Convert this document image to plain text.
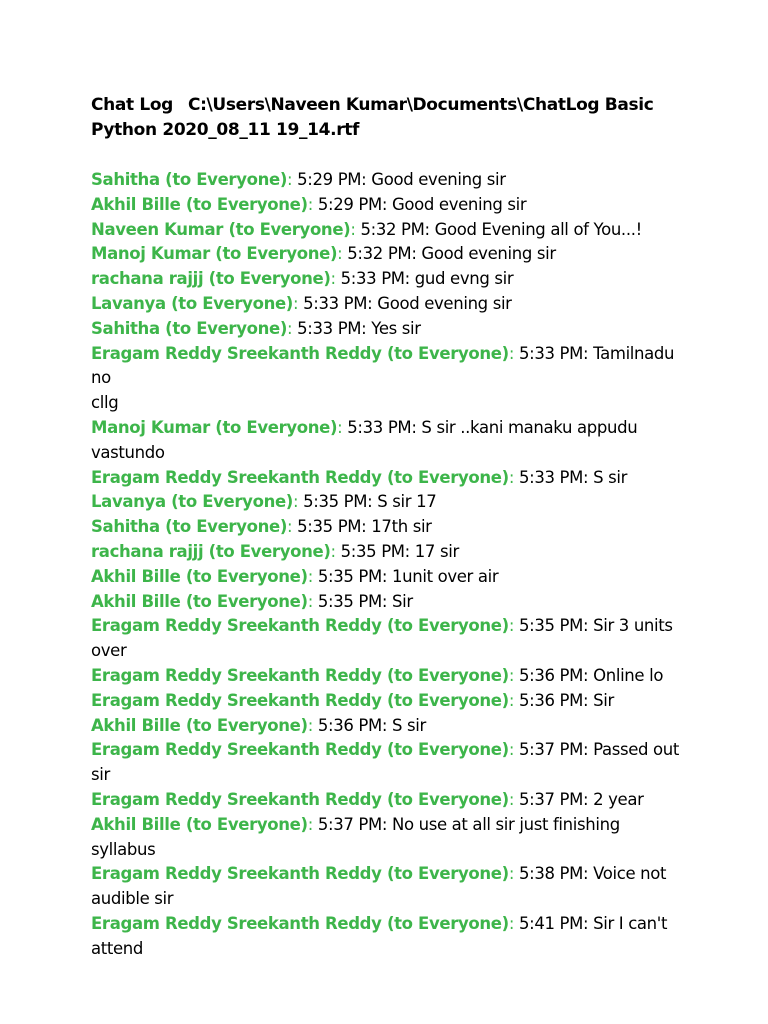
Chat Log C:\Users\Naveen Kumar\Documents\ChatLog Basic
Python 2020_08_11 19_14.rtf

Sahitha (to Everyone): 5:29 PM: Good evening sir

Akhil Bille (to Everyone): 5:29 PM: Good evening sir

Naveen Kumar (to Everyone): 5:32 PM: Good Evening all of You...!

Manoj Kumar (to Everyone): 5:32 PM: Good evening sir

rachana rajjj (to Everyone): 5:33 PM: gud evng sir

Lavanya (to Everyone): 5:33 PM: Good evening sir

Sahitha (to Everyone): 5:33 PM: Yes sir

Eragam Reddy Sreekanth Reddy (to Everyone): 5:33 PM: Tamilnadu no
cllg

Manoj Kumar (to Everyone): 5:33 PM: S sir ..kani manaku appudu
vastundo

Eragam Reddy Sreekanth Reddy (to Everyone): 5:33 PM: S sir

Lavanya (to Everyone): 5:35 PM: S sir 17

Sahitha (to Everyone): 5:35 PM: 17th sir

rachana rajjj (to Everyone): 5:35 PM: 17 sir

Akhil Bille (to Everyone): 5:35 PM: 1unit over air

Akhil Bille (to Everyone): 5:35 PM: Sir

Eragam Reddy Sreekanth Reddy (to Everyone): 5:35 PM: Sir 3 units
over

Eragam Reddy Sreekanth Reddy (to Everyone): 5:36 PM: Online lo

Eragam Reddy Sreekanth Reddy (to Everyone): 5:36 PM: Sir

Akhil Bille (to Everyone): 5:36 PM: S sir

Eragam Reddy Sreekanth Reddy (to Everyone): 5:37 PM: Passed out sir

Eragam Reddy Sreekanth Reddy (to Everyone): 5:37 PM: 2 year

Akhil Bille (to Everyone): 5:37 PM: No use at all sir just finishing
syllabus

Eragam Reddy Sreekanth Reddy (to Everyone): 5:38 PM: Voice not
audible sir

Eragam Reddy Sreekanth Reddy (to Everyone): 5:41 PM: Sir I can't
attend
